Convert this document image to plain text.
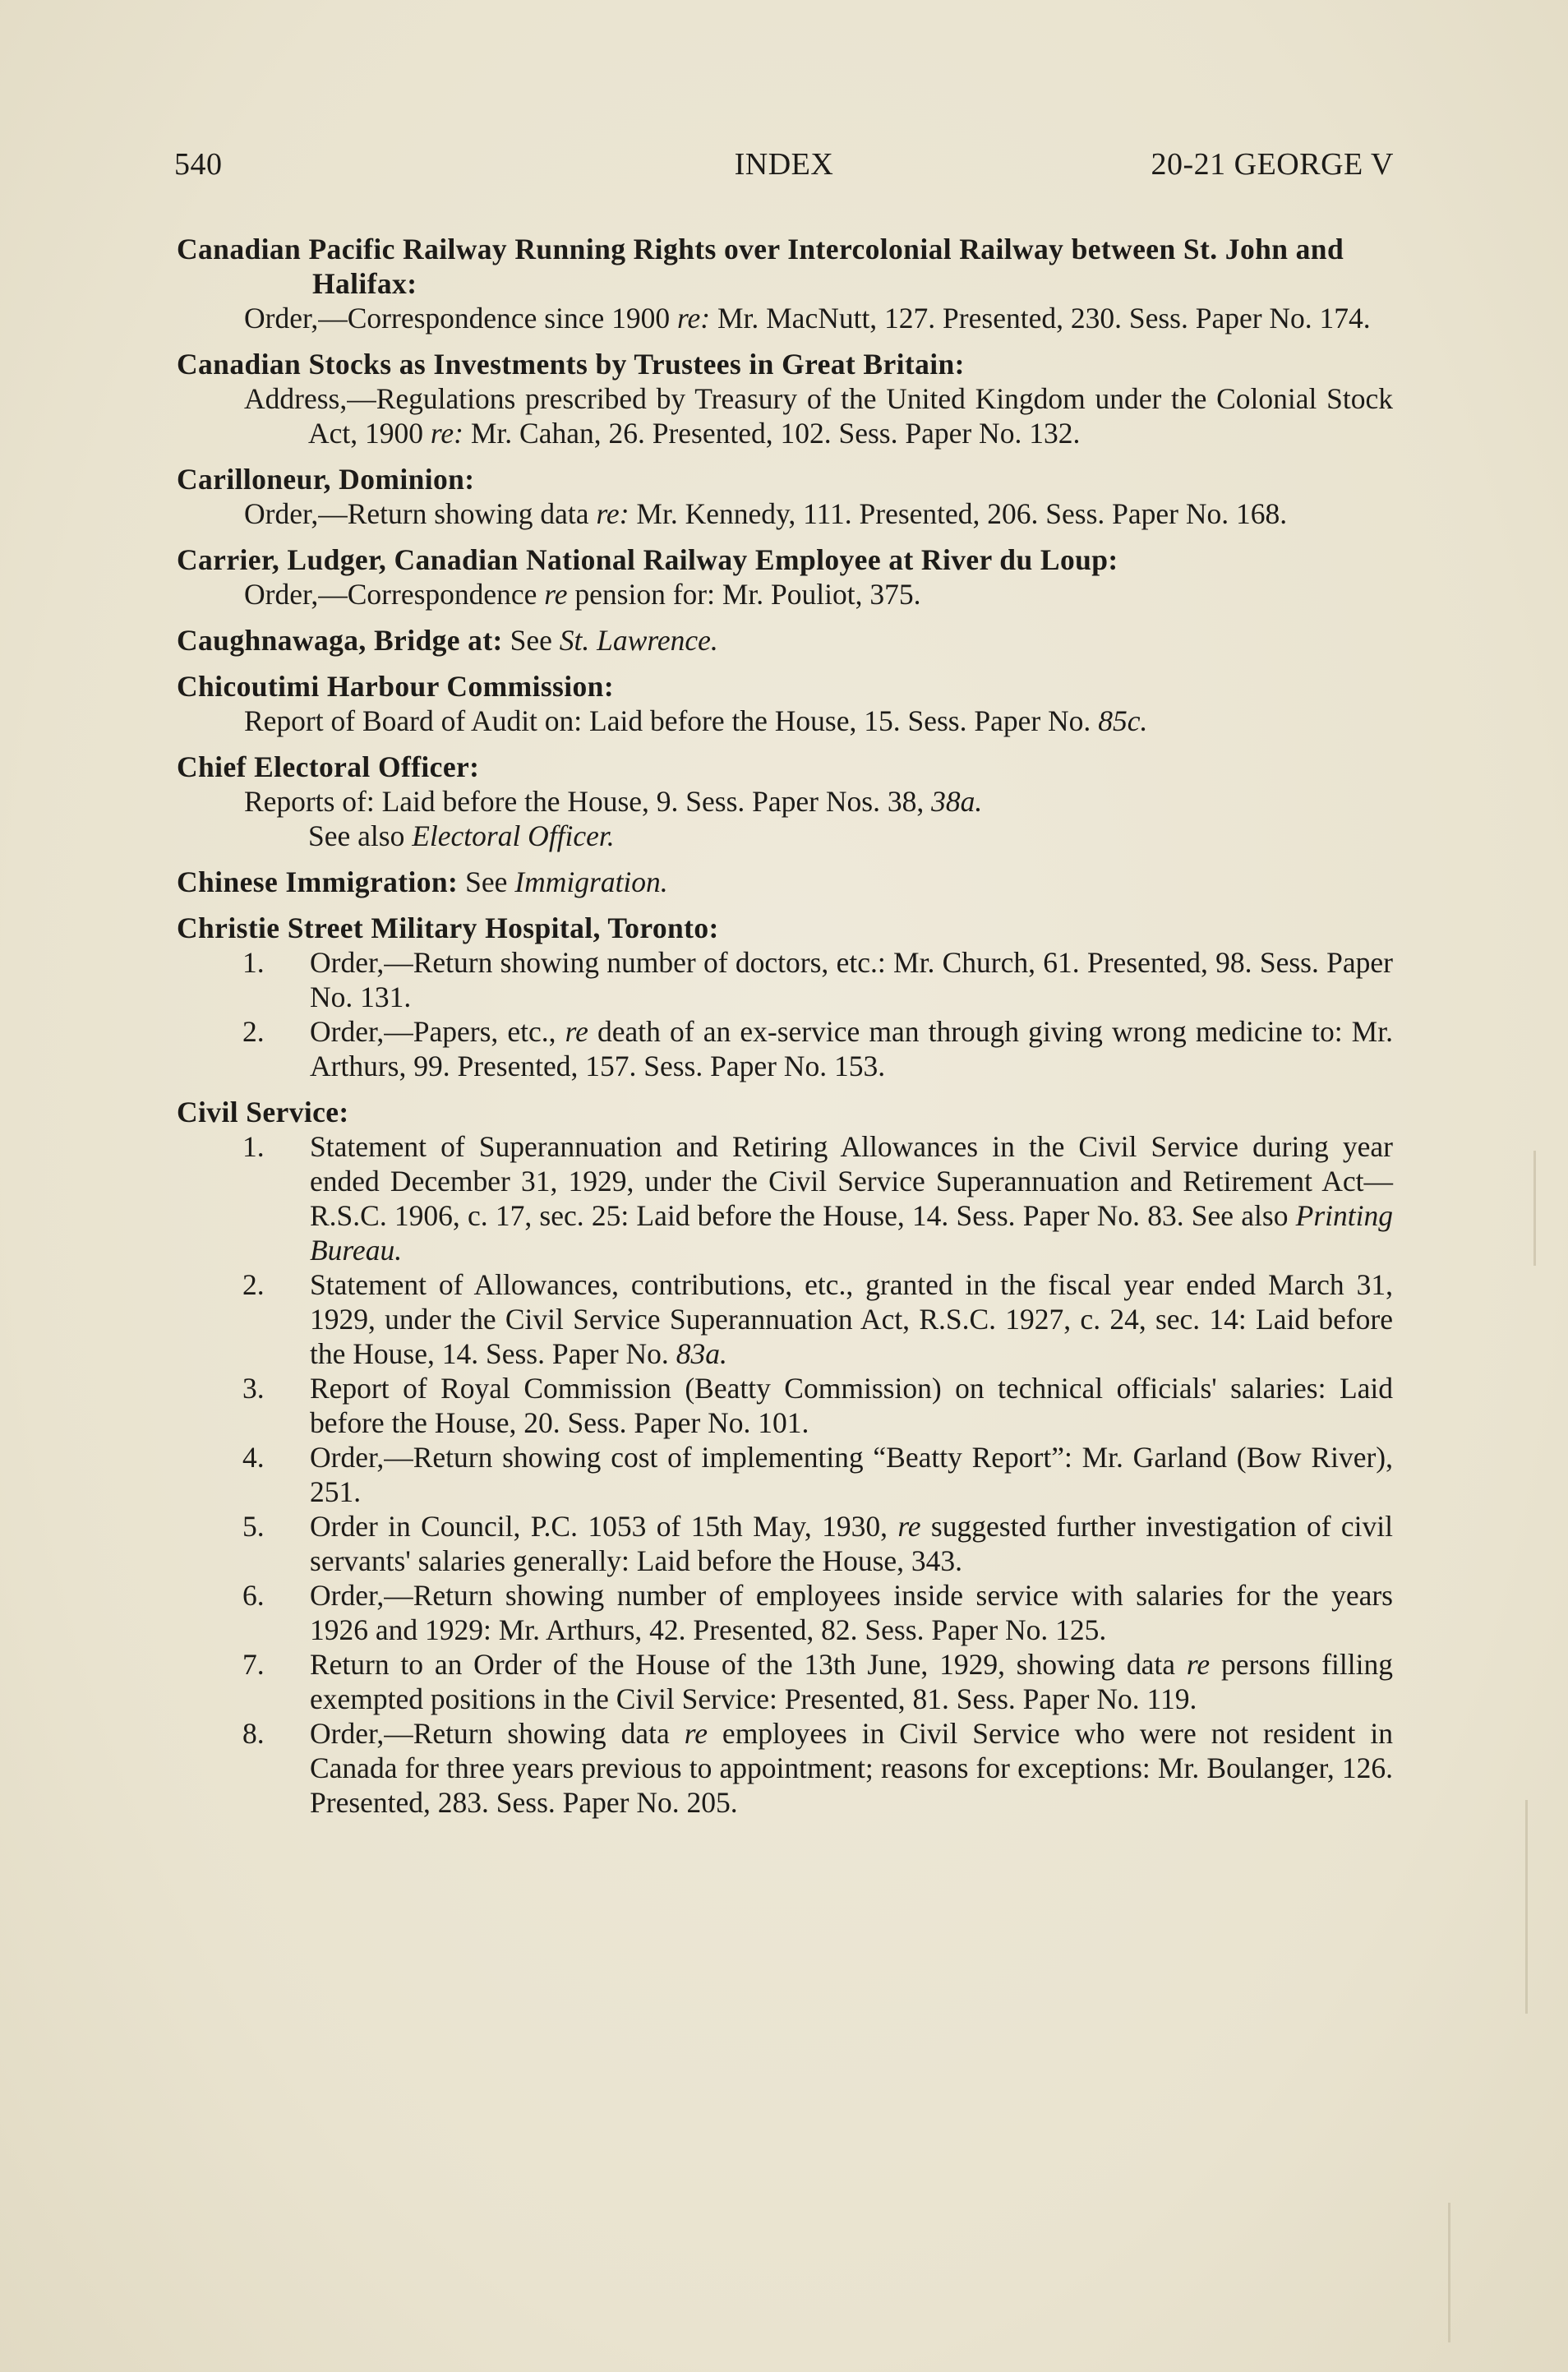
540	INDEX	20-21 GEORGE V
Canadian Pacific Railway Running Rights over Intercolonial Railway between St. John and Halifax:
Order,—Correspondence since 1900 re: Mr. MacNutt, 127. Presented, 230. Sess. Paper No. 174.
Canadian Stocks as Investments by Trustees in Great Britain:
Address,—Regulations prescribed by Treasury of the United Kingdom under the Colonial Stock Act, 1900 re: Mr. Cahan, 26. Presented, 102. Sess. Paper No. 132.
Carilloneur, Dominion:
Order,—Return showing data re: Mr. Kennedy, 111. Presented, 206. Sess. Paper No. 168.
Carrier, Ludger, Canadian National Railway Employee at River du Loup:
Order,—Correspondence re pension for: Mr. Pouliot, 375.
Caughnawaga, Bridge at: See St. Lawrence.
Chicoutimi Harbour Commission:
Report of Board of Audit on: Laid before the House, 15. Sess. Paper No. 85c.
Chief Electoral Officer:
Reports of: Laid before the House, 9. Sess. Paper Nos. 38, 38a.
See also Electoral Officer.
Chinese Immigration: See Immigration.
Christie Street Military Hospital, Toronto:
1.	Order,—Return showing number of doctors, etc.: Mr. Church, 61. Presented, 98. Sess. Paper No. 131.
2.	Order,—Papers, etc., re death of an ex-service man through giving wrong medicine to: Mr. Arthurs, 99. Presented, 157. Sess. Paper No. 153.
Civil Service:
1.	Statement of Superannuation and Retiring Allowances in the Civil Service during year ended December 31, 1929, under the Civil Service Superannuation and Retirement Act—R.S.C. 1906, c. 17, sec. 25: Laid before the House, 14. Sess. Paper No. 83. See also Printing Bureau.
2.	Statement of Allowances, contributions, etc., granted in the fiscal year ended March 31, 1929, under the Civil Service Superannuation Act, R.S.C. 1927, c. 24, sec. 14: Laid before the House, 14. Sess. Paper No. 83a.
3.	Report of Royal Commission (Beatty Commission) on technical officials' salaries: Laid before the House, 20. Sess. Paper No. 101.
4.	Order,—Return showing cost of implementing “Beatty Report”: Mr. Garland (Bow River), 251.
5.	Order in Council, P.C. 1053 of 15th May, 1930, re suggested further investigation of civil servants' salaries generally: Laid before the House, 343.
6.	Order,—Return showing number of employees inside service with salaries for the years 1926 and 1929: Mr. Arthurs, 42. Presented, 82. Sess. Paper No. 125.
7.	Return to an Order of the House of the 13th June, 1929, showing data re persons filling exempted positions in the Civil Service: Presented, 81. Sess. Paper No. 119.
8.	Order,—Return showing data re employees in Civil Service who were not resident in Canada for three years previous to appointment; reasons for exceptions: Mr. Boulanger, 126. Presented, 283. Sess. Paper No. 205.
